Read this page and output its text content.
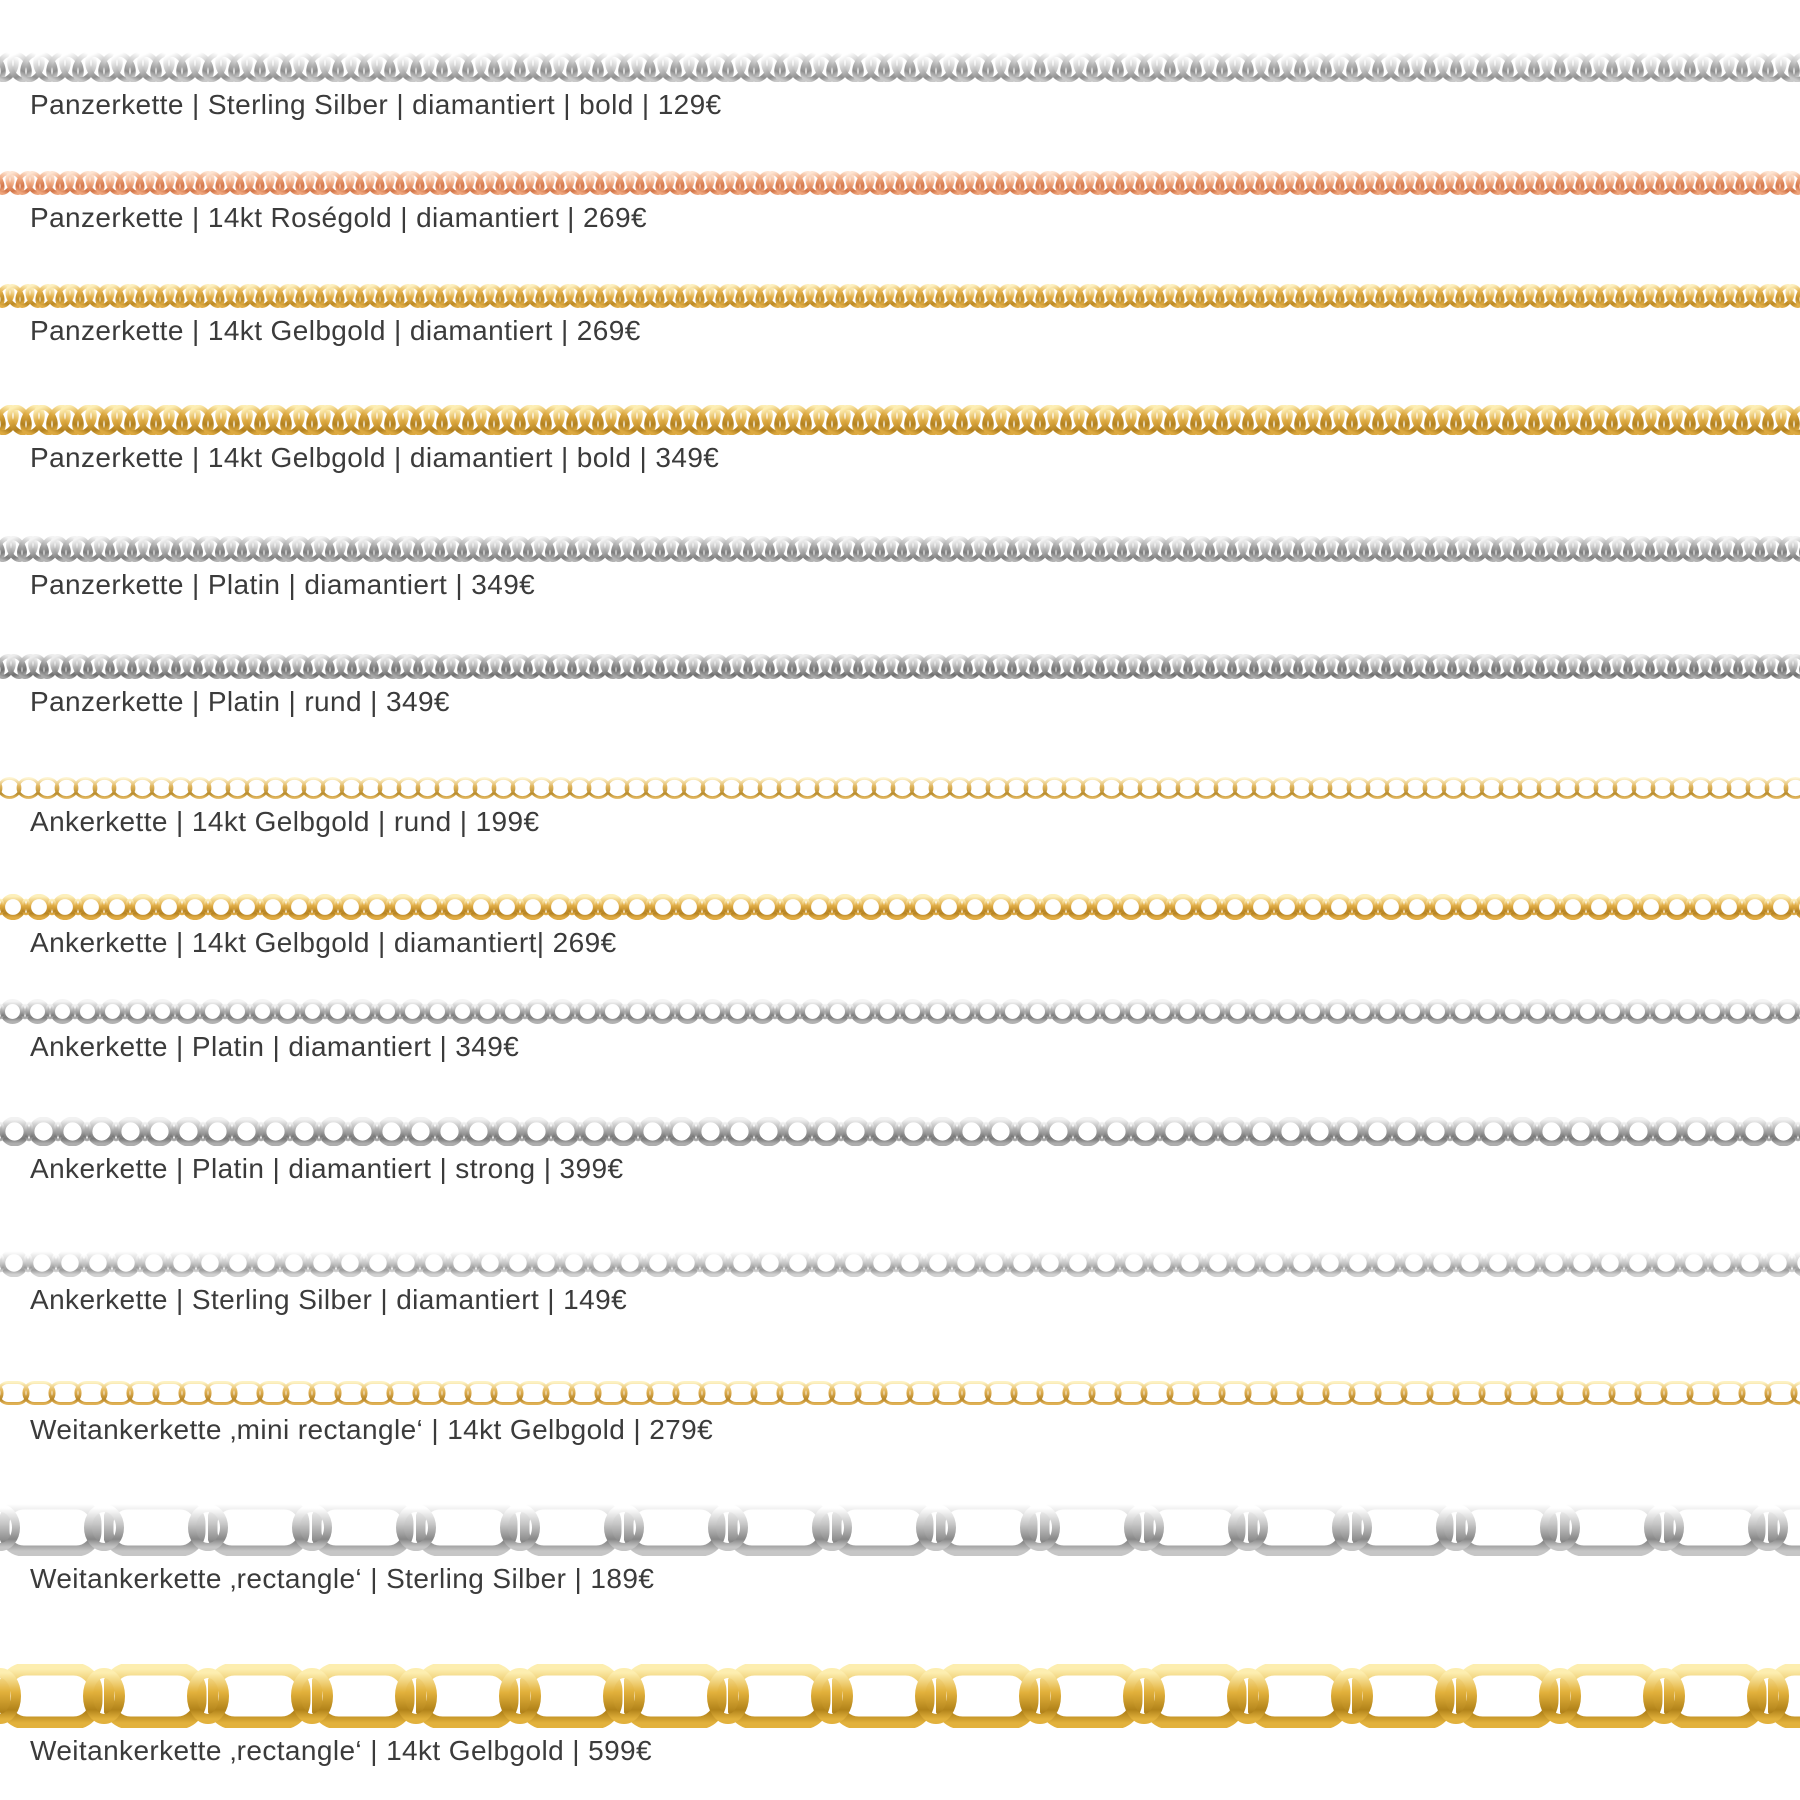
Panzerkette | Sterling Silber | diamantiert | bold | 129€
Panzerkette | 14kt Roségold | diamantiert | 269€
Panzerkette | 14kt Gelbgold | diamantiert | 269€
Panzerkette | 14kt Gelbgold | diamantiert | bold | 349€
Panzerkette | Platin | diamantiert | 349€
Panzerkette | Platin | rund | 349€
Ankerkette | 14kt Gelbgold | rund | 199€
Ankerkette | 14kt Gelbgold | diamantiert| 269€
Ankerkette | Platin | diamantiert | 349€
Ankerkette | Platin | diamantiert | strong | 399€
Ankerkette | Sterling Silber | diamantiert | 149€
Weitankerkette ‚mini rectangle‘ | 14kt Gelbgold | 279€
Weitankerkette ‚rectangle‘ | Sterling Silber | 189€
Weitankerkette ‚rectangle‘ | 14kt Gelbgold | 599€
